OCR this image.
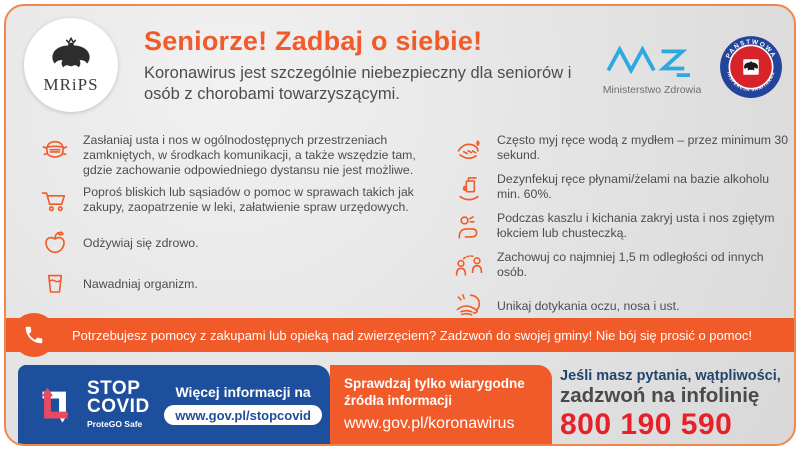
MRiPS
Seniorze! Zadbaj o siebie!
Koronawirus jest szczególnie niebezpieczny dla seniorów i osób z chorobami towarzyszącymi.	Ministerstwo Zdrowia
PAŃSTWOWA
INSPEKCJA SANITARNA
Zasłaniaj usta i nos w ogólnodostępnych przestrzeniach zamkniętych, w środkach komunikacji, a także wszędzie tam, gdzie zachowanie odpowiedniego dystansu nie jest możliwe.
Poproś bliskich lub sąsiadów o pomoc w sprawach takich jak zakupy, zaopatrzenie w leki, załatwienie spraw urzędowych.
Odżywiaj się zdrowo.
Nawadniaj organizm.
Często myj ręce wodą z mydłem – przez minimum 30 sekund.
Dezynfekuj ręce płynami/żelami na bazie alkoholu min. 60%.
Podczas kaszlu i kichania zakryj usta i nos zgiętym łokciem lub chusteczką.
Zachowuj co najmniej 1,5 m odległości od innych osób.
Unikaj dotykania oczu, nosa i ust.
Potrzebujesz pomocy z zakupami lub opieką nad zwierzęciem? Zadzwoń do swojej gminy! Nie bój się prosić o pomoc!
STOP
COVID
ProteGO Safe
Więcej informacji na
www.gov.pl/stopcovid
Sprawdzaj tylko wiarygodne
źródła informacji
www.gov.pl/koronawirus
Jeśli masz pytania, wątpliwości,
zadzwoń na infolinię
800 190 590
